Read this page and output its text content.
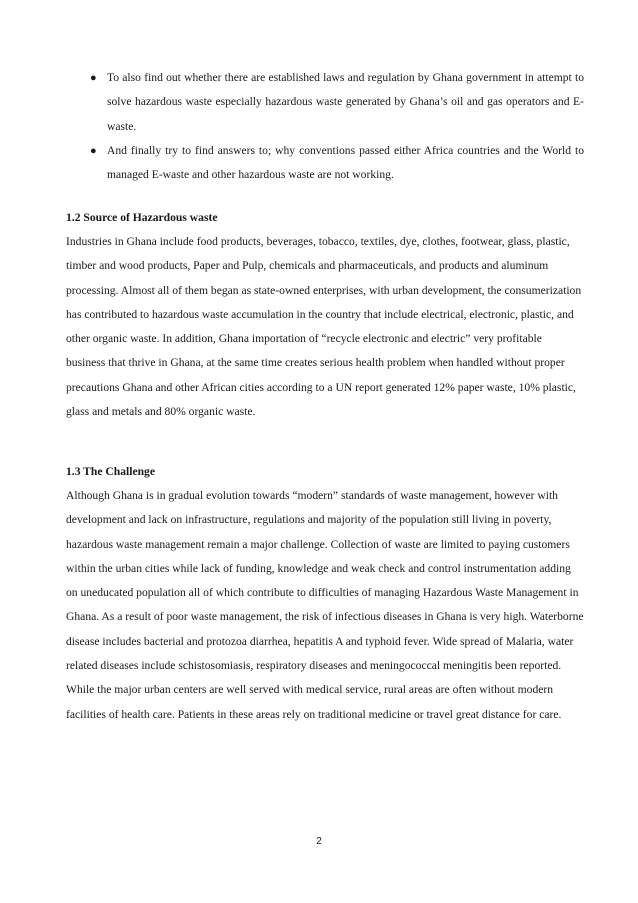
● To also find out whether there are established laws and regulation by Ghana government in attempt to solve hazardous waste especially hazardous waste generated by Ghana’s oil and gas operators and E-waste.
● And finally try to find answers to; why conventions passed either Africa countries and the World to managed E-waste and other hazardous waste are not working.
1.2 Source of Hazardous waste

Industries in Ghana include food products, beverages, tobacco, textiles, dye, clothes, footwear, glass, plastic, timber and wood products, Paper and Pulp, chemicals and pharmaceuticals, and products and aluminum processing. Almost all of them began as state-owned enterprises, with urban development, the consumerization has contributed to hazardous waste accumulation in the country that include electrical, electronic, plastic, and other organic waste. In addition, Ghana importation of “recycle electronic and electric” very profitable business that thrive in Ghana, at the same time creates serious health problem when handled without proper precautions Ghana and other African cities according to a UN report generated 12% paper waste, 10% plastic, glass and metals and 80% organic waste.

1.3 The Challenge

Although Ghana is in gradual evolution towards “modern” standards of waste management, however with development and lack on infrastructure, regulations and majority of the population still living in poverty, hazardous waste management remain a major challenge. Collection of waste are limited to paying customers within the urban cities while lack of funding, knowledge and weak check and control instrumentation adding on uneducated population all of which contribute to difficulties of managing Hazardous Waste Management in Ghana. As a result of poor waste management, the risk of infectious diseases in Ghana is very high. Waterborne disease includes bacterial and protozoa diarrhea, hepatitis A and typhoid fever. Wide spread of Malaria, water related diseases include schistosomiasis, respiratory diseases and meningococcal meningitis been reported. While the major urban centers are well served with medical service, rural areas are often without modern facilities of health care. Patients in these areas rely on traditional medicine or travel great distance for care.

2
